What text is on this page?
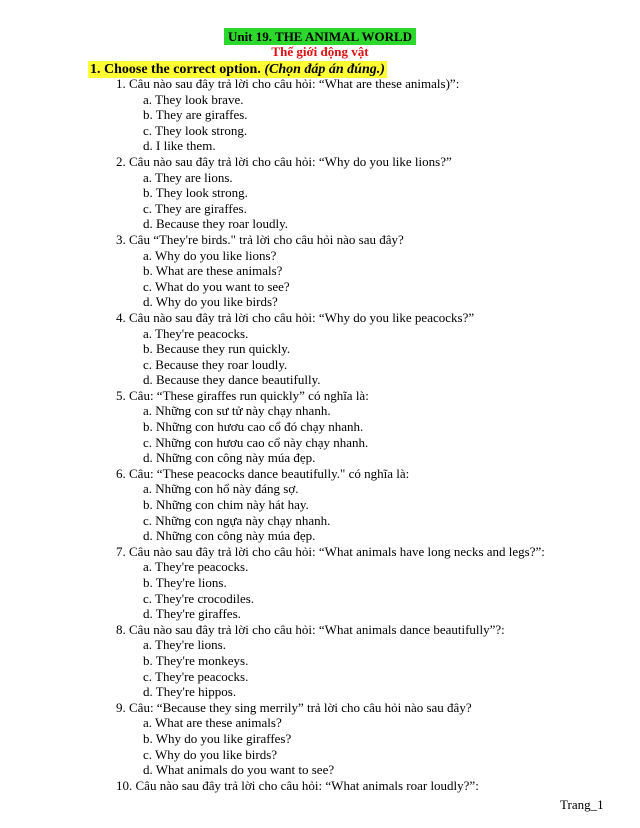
Unit 19. THE ANIMAL WORLD
Thế giới động vật
1. Choose the correct option. (Chọn đáp án đúng.)
1. Câu nào sau đây trả lời cho câu hỏi: “What are these animals)”:
a. They look brave.
b. They are giraffes.
c. They look strong.
d. I like them.
2. Câu nào sau đây trả lời cho câu hỏi: “Why do you like lions?”
a. They are lions.
b. They look strong.
c. They are giraffes.
d. Because they roar loudly.
3. Câu “They're birds." trả lời cho câu hỏi nào sau đây?
a. Why do you like lions?
b. What are these animals?
c. What do you want to see?
d. Why do you like birds?
4. Câu nào sau đây trả lời cho câu hỏi: “Why do you like peacocks?”
a. They're peacocks.
b. Because they run quickly.
c. Because they roar loudly.
d. Because they dance beautifully.
5. Câu: “These giraffes run quickly” có nghĩa là:
a. Những con sư tử này chạy nhanh.
b. Những con hươu cao cổ đó chạy nhanh.
c. Những con hươu cao cổ này chạy nhanh.
d. Những con công này múa đẹp.
6. Câu: “These peacocks dance beautifully." có nghĩa là:
a. Những con hổ này đáng sợ.
b. Những con chim này hát hay.
c. Những con ngựa này chạy nhanh.
d. Những con công này múa đẹp.
7. Câu nào sau đây trả lời cho câu hỏi: “What animals have long necks and legs?”:
a. They're peacocks.
b. They're lions.
c. They're crocodiles.
d. They're giraffes.
8. Câu nào sau đây trả lời cho câu hỏi: “What animals dance beautifully”?:
a. They're lions.
b. They're monkeys.
c. They're peacocks.
d. They're hippos.
9. Câu: “Because they sing merrily” trả lời cho câu hỏi nào sau đây?
a. What are these animals?
b. Why do you like giraffes?
c. Why do you like birds?
d. What animals do you want to see?
10. Câu nào sau đây trả lời cho câu hỏi: “What animals roar loudly?”:
Trang_1
